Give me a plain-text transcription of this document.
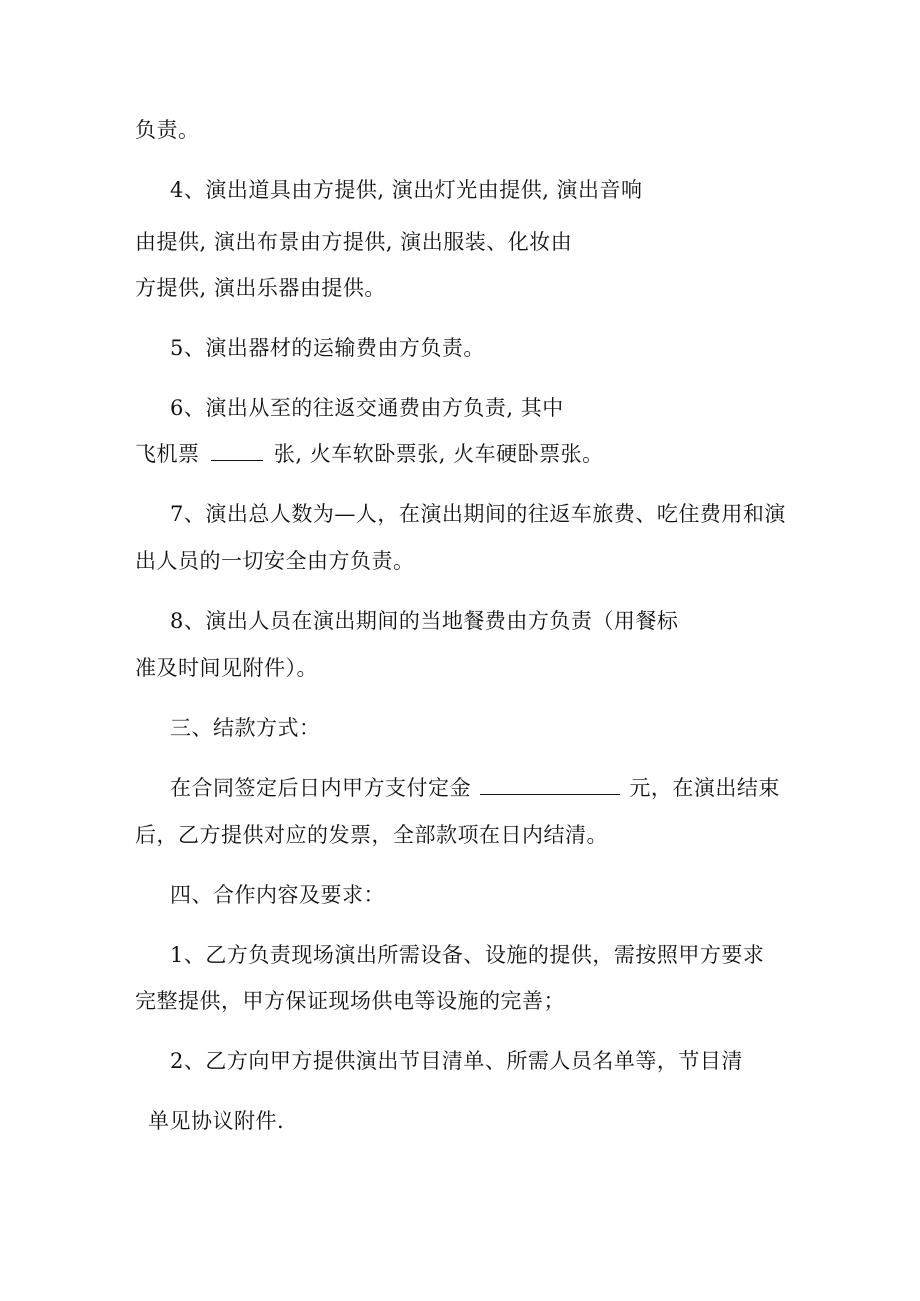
负责。
4、演出道具由方提供, 演出灯光由提供, 演出音响
由提供, 演出布景由方提供, 演出服装、化妆由
方提供, 演出乐器由提供。
5、演出器材的运输费由方负责。
6、演出从至的往返交通费由方负责, 其中
飞机票	张, 火车软卧票张, 火车硬卧票张。
7、演出总人数为—人，在演出期间的往返车旅费、吃住费用和演
出人员的一切安全由方负责。
8、演出人员在演出期间的当地餐费由方负责（用餐标
准及时间见附件）。
三、结款方式：
在合同签定后日内甲方支付定金	元，在演出结束
后，乙方提供对应的发票，全部款项在日内结清。
四、合作内容及要求：
1、乙方负责现场演出所需设备、设施的提供，需按照甲方要求
完整提供，甲方保证现场供电等设施的完善；
2、乙方向甲方提供演出节目清单、所需人员名单等，节目清
单见协议附件.
